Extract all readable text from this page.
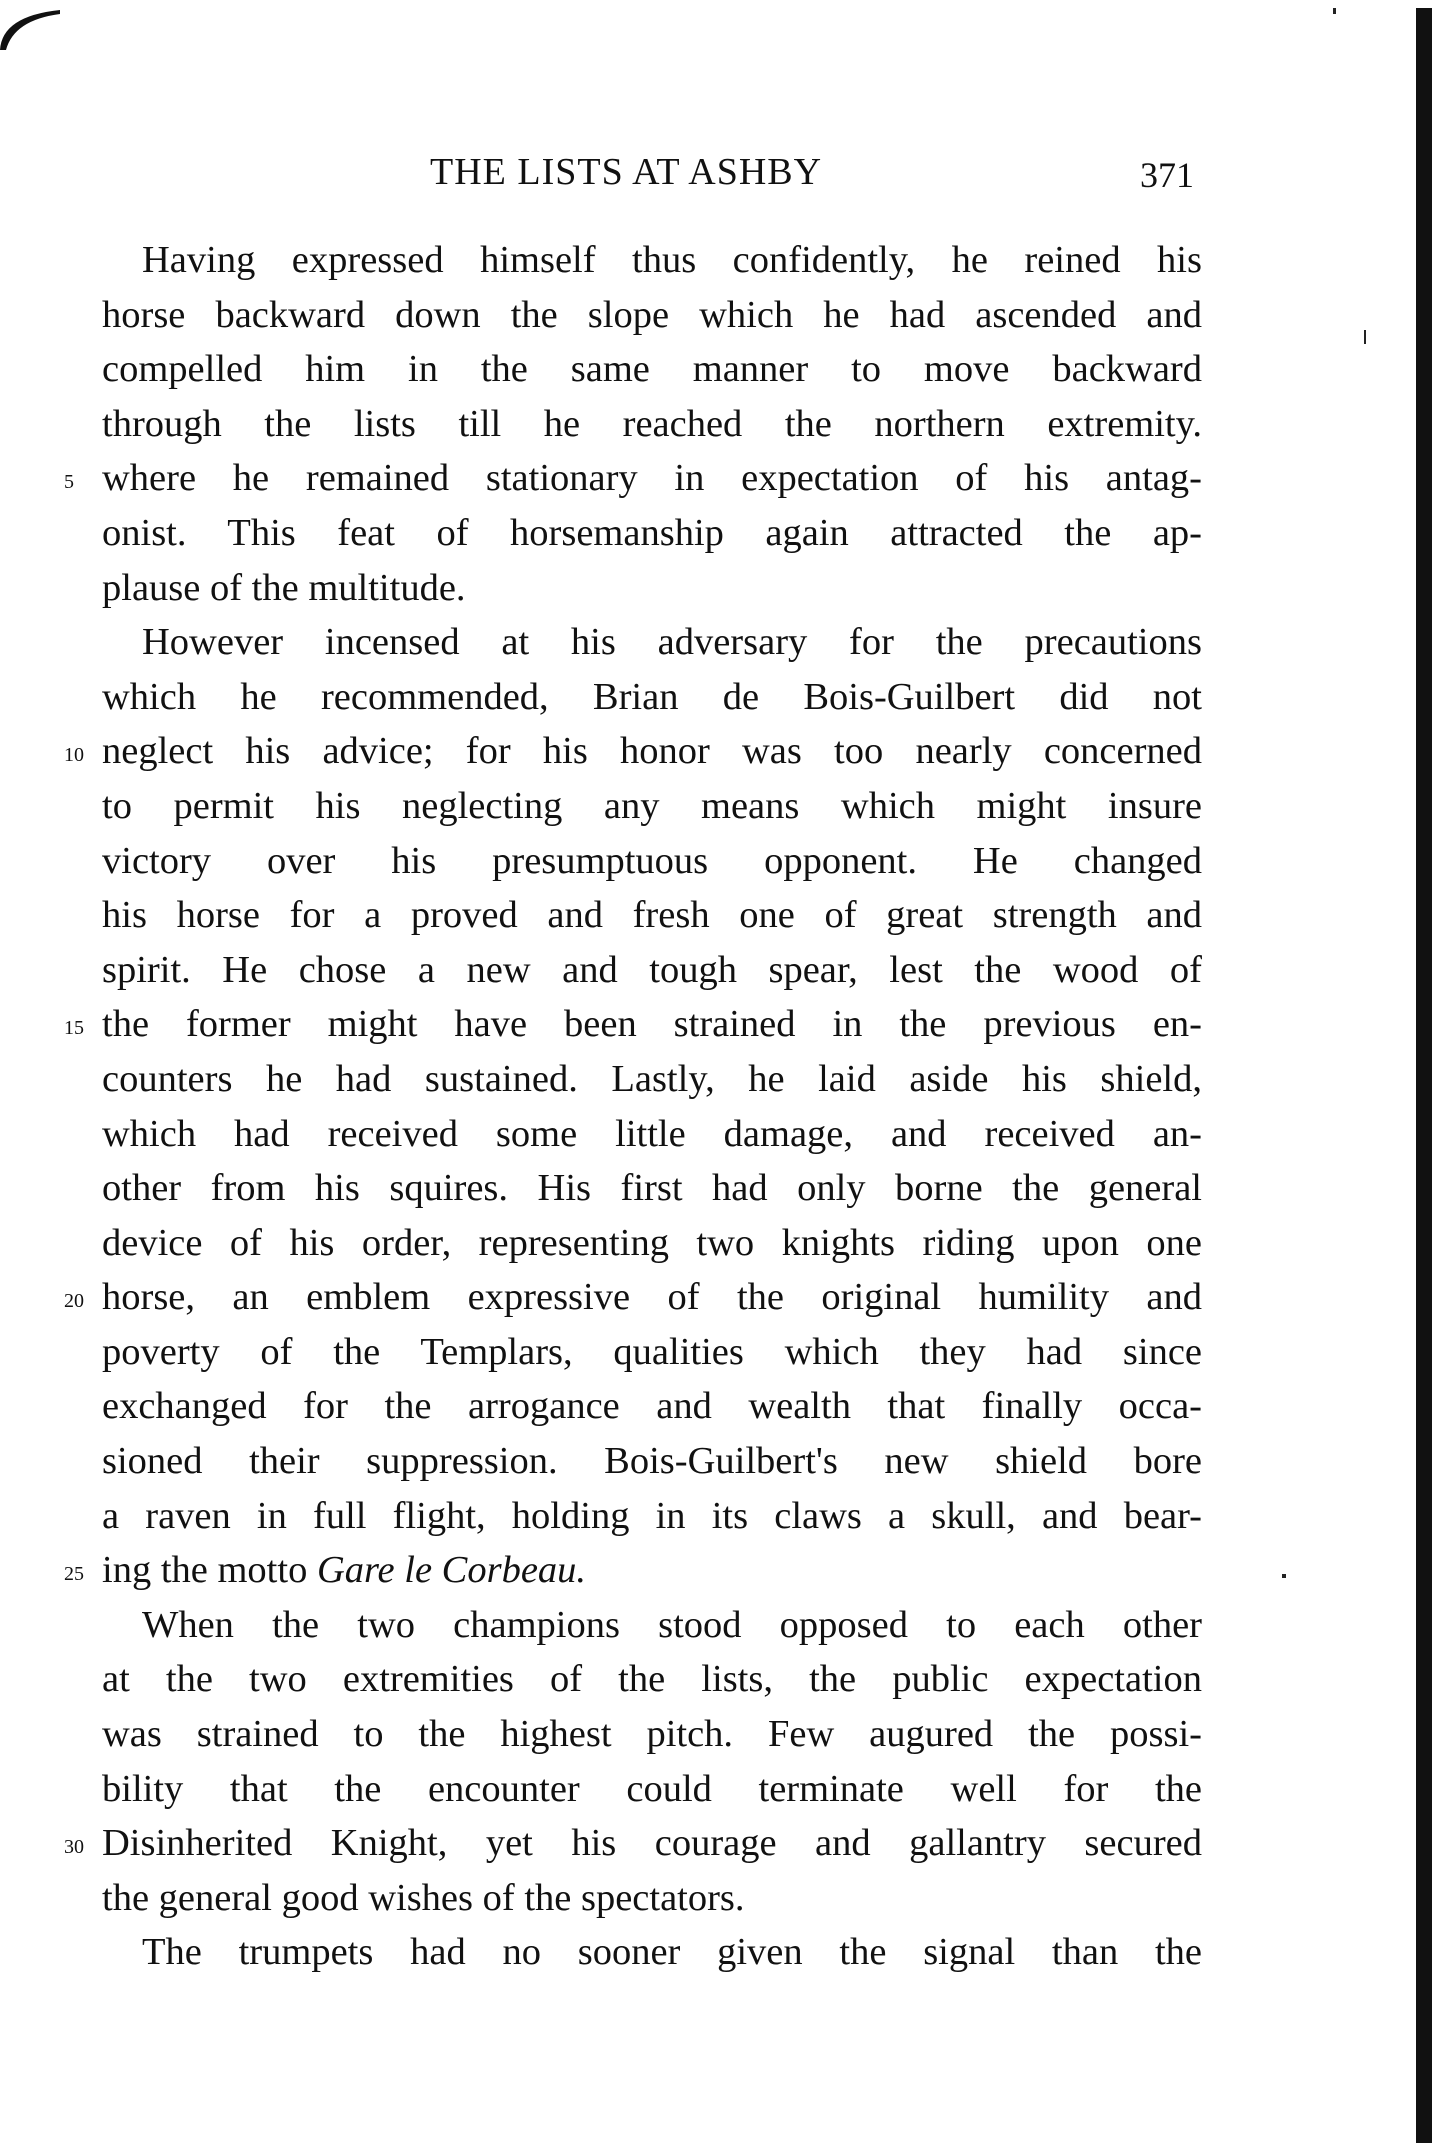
THE LISTS AT ASHBY	371
Having expressed himself thus confidently, he reined his
horse backward down the slope which he had ascended and
compelled him in the same manner to move backward
through the lists till he reached the northern extremity.
5 where he remained stationary in expectation of his antag-
onist. This feat of horsemanship again attracted the ap-
plause of the multitude.
However incensed at his adversary for the precautions
which he recommended, Brian de Bois-Guilbert did not
10 neglect his advice; for his honor was too nearly concerned
to permit his neglecting any means which might insure
victory over his presumptuous opponent. He changed
his horse for a proved and fresh one of great strength and
spirit. He chose a new and tough spear, lest the wood of
15 the former might have been strained in the previous en-
counters he had sustained. Lastly, he laid aside his shield,
which had received some little damage, and received an-
other from his squires. His first had only borne the general
device of his order, representing two knights riding upon one
20 horse, an emblem expressive of the original humility and
poverty of the Templars, qualities which they had since
exchanged for the arrogance and wealth that finally occa-
sioned their suppression. Bois-Guilbert's new shield bore
a raven in full flight, holding in its claws a skull, and bear-
25 ing the motto Gare le Corbeau.
When the two champions stood opposed to each other
at the two extremities of the lists, the public expectation
was strained to the highest pitch. Few augured the possi-
bility that the encounter could terminate well for the
30 Disinherited Knight, yet his courage and gallantry secured
the general good wishes of the spectators.
The trumpets had no sooner given the signal than the
